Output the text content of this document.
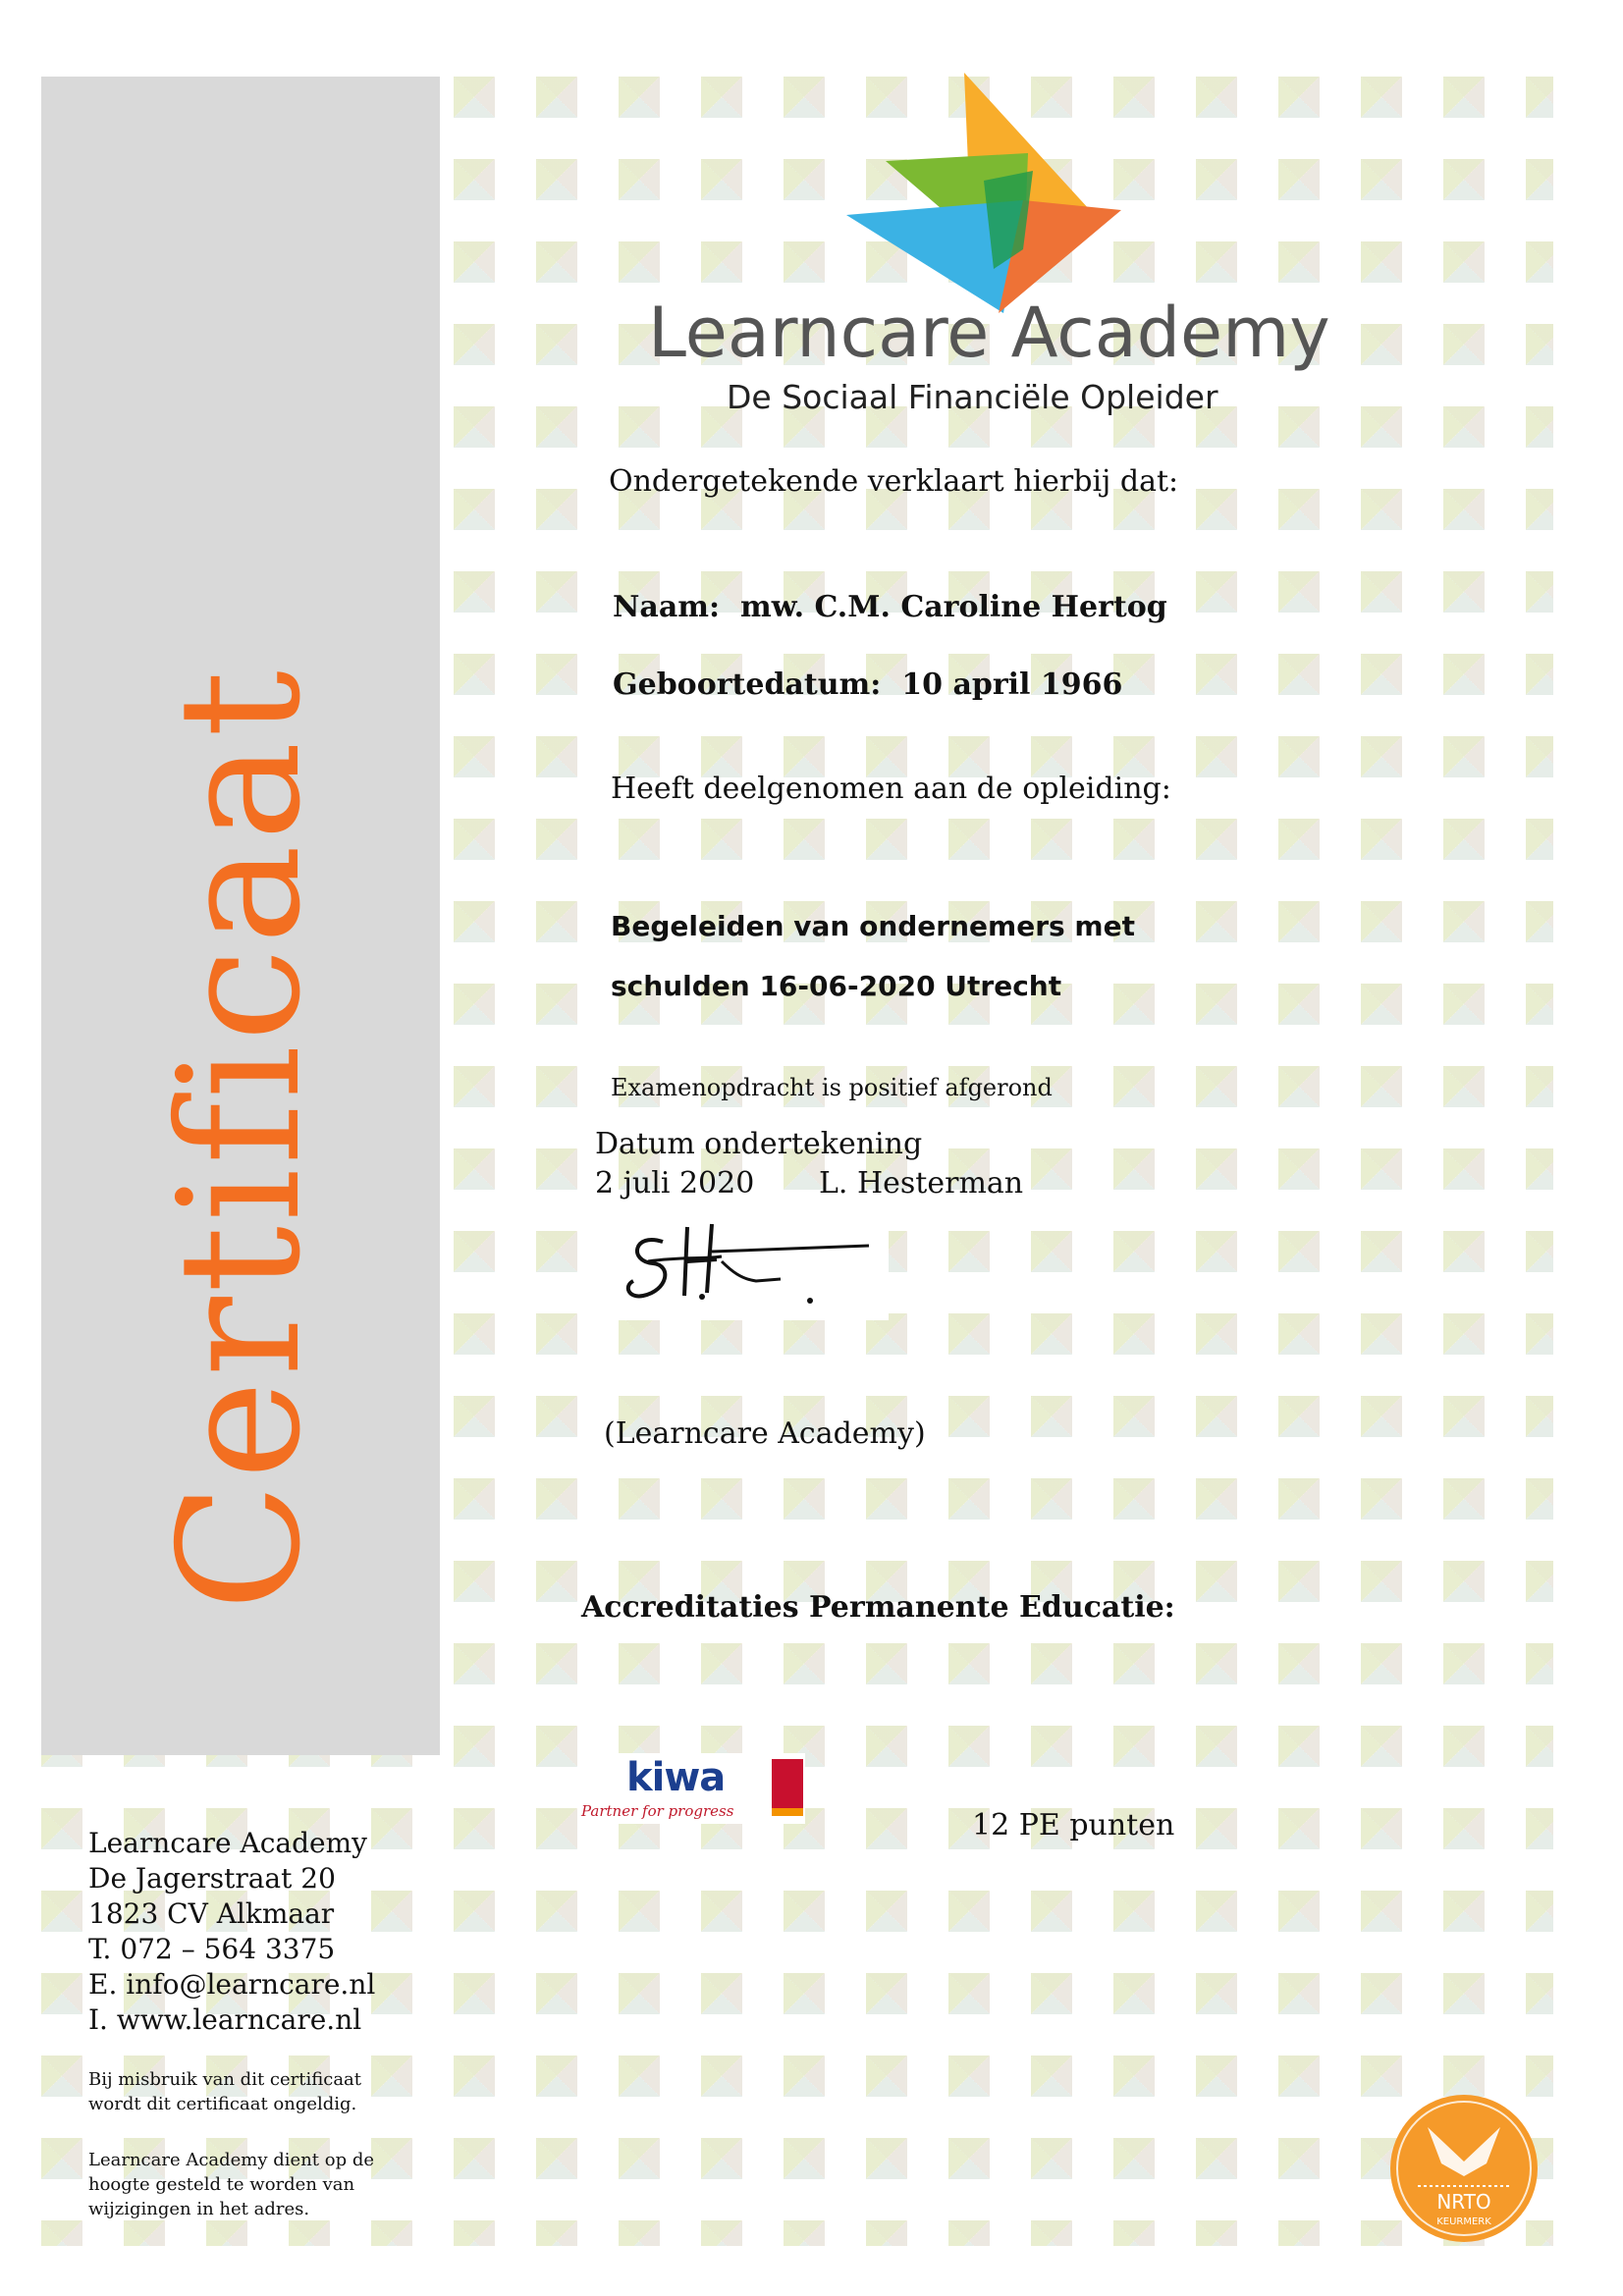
Certificaat
Learncare Academy
De Sociaal Financiële Opleider
Ondergetekende verklaart hierbij dat:
Naam: mw. C.M. Caroline Hertog
Geboortedatum: 10 april 1966
Heeft deelgenomen aan de opleiding:
Begeleiden van ondernemers met
schulden 16-06-2020 Utrecht
Examenopdracht is positief afgerond
Datum ondertekening
2 juli 2020 L. Hesterman
(Learncare Academy)
Accreditaties Permanente Educatie:
kiwa
Partner for progress	12 PE punten
Learncare Academy
De Jagerstraat 20
1823 CV Alkmaar
T. 072 – 564 3375
E. info@learncare.nl
I. www.learncare.nl
Bij misbruik van dit certificaat
wordt dit certificaat ongeldig.
Learncare Academy dient op de
hoogte gesteld te worden van
wijzigingen in het adres.	NRTO
KEURMERK
